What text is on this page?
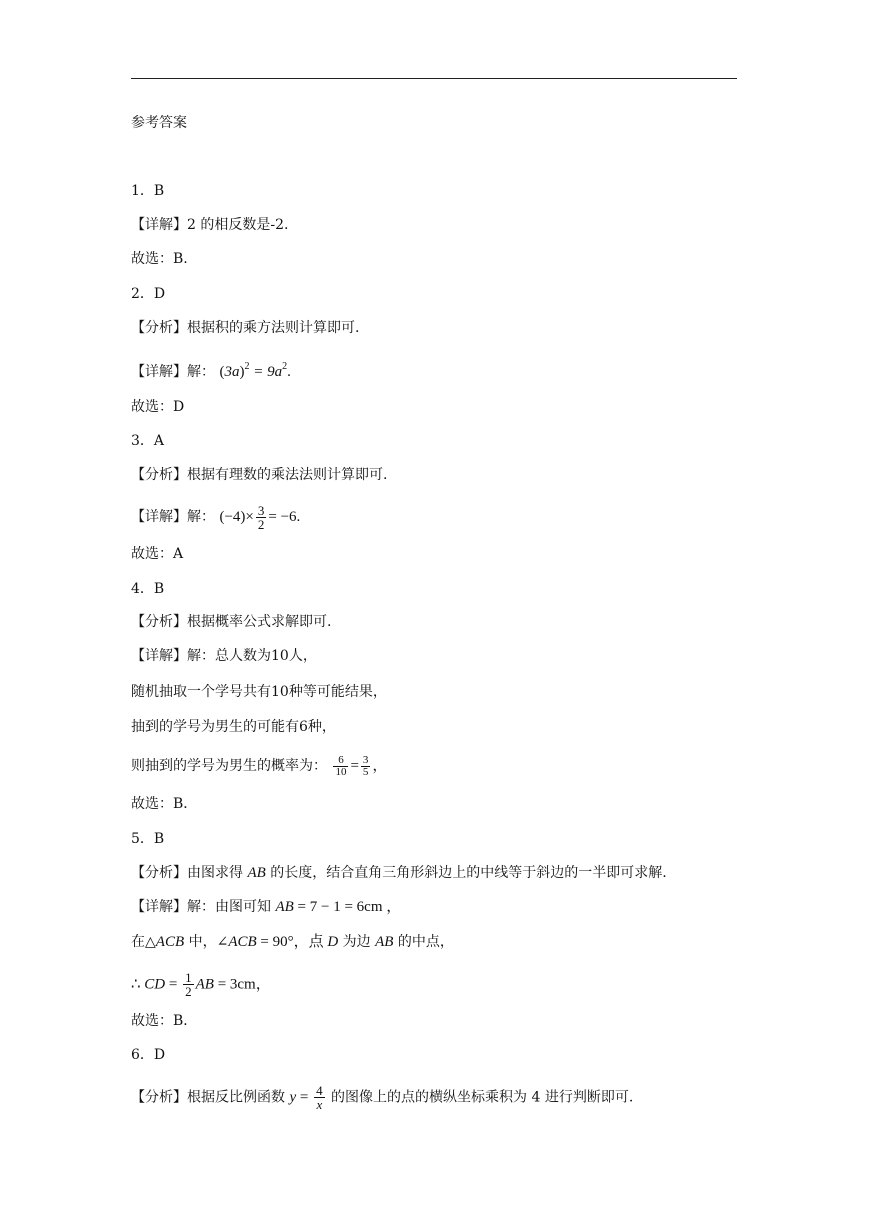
参考答案
1．B
【详解】2 的相反数是-2.
故选：B.
2．D
【分析】根据积的乘方法则计算即可.
【详解】解： $(3a)^2 = 9a^2$.
故选：D
3．A
【分析】根据有理数的乘法法则计算即可.
【详解】解： $(-4)\times \frac{3}{2} = -6$.
故选：A
4．B
【分析】根据概率公式求解即可.
【详解】解：总人数为10人，
随机抽取一个学号共有10种等可能结果，
抽到的学号为男生的可能有6种，
则抽到的学号为男生的概率为： $\frac{6}{10} = \frac{3}{5}$ ，
故选：B．
5．B
【分析】由图求得 AB 的长度，结合直角三角形斜边上的中线等于斜边的一半即可求解.
【详解】解：由图可知 AB = 7 − 1 = 6cm ，
在△ACB 中，∠ACB = 90°，点 D 为边 AB 的中点，
∴ CD = $\frac{1}{2}$ AB = 3cm，
故选：B．
6．D
【分析】根据反比例函数 $y = \frac{4}{x}$ 的图像上的点的横纵坐标乘积为 4 进行判断即可.
